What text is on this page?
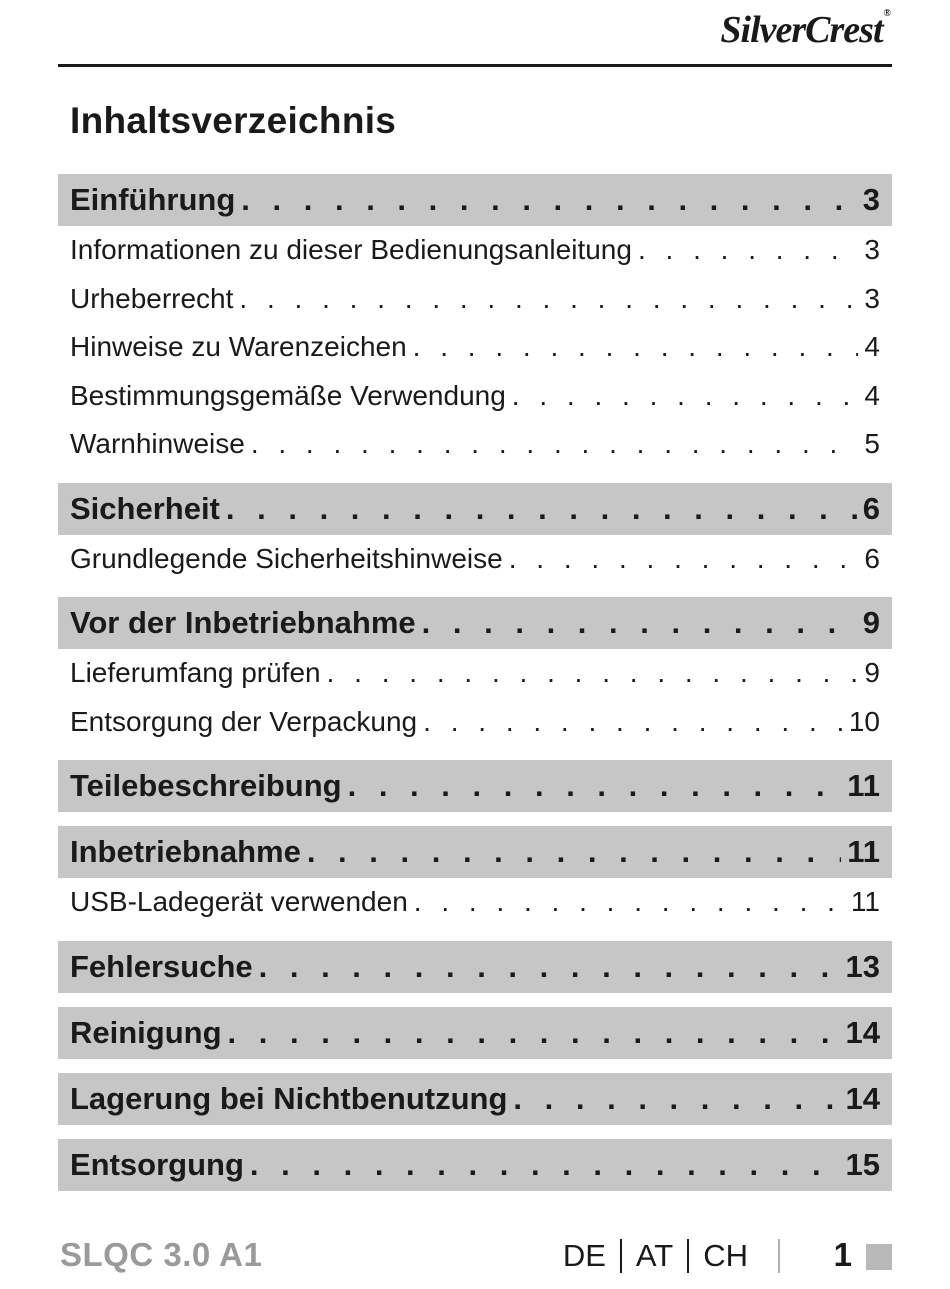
SilverCrest®
Inhaltsverzeichnis
Einführung . . .	3
Informationen zu dieser Bedienungsanleitung . . .	3
Urheberrecht . . .	3
Hinweise zu Warenzeichen . . .	4
Bestimmungsgemäße Verwendung . . .	4
Warnhinweise . . .	5
Sicherheit . . .	6
Grundlegende Sicherheitshinweise . . .	6
Vor der Inbetriebnahme . . .	9
Lieferumfang prüfen . . .	9
Entsorgung der Verpackung . . .	10
Teilebeschreibung . . .	11
Inbetriebnahme . . .	11
USB-Ladegerät verwenden . . .	11
Fehlersuche . . .	13
Reinigung . . .	14
Lagerung bei Nichtbenutzung . . .	14
Entsorgung . . .	15
SLQC 3.0 A1	DE AT CH	1
